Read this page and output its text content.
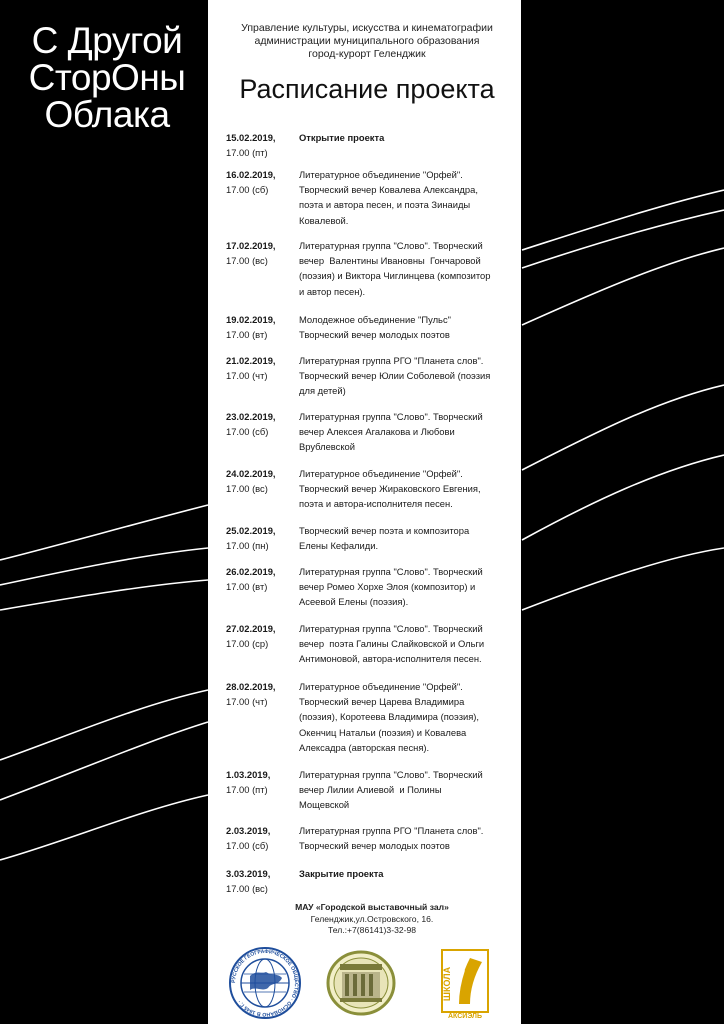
С Другой
СторОны
Облака
Управление культуры, искусства и кинематографии
администрации муниципального образования
город-курорт Геленджик
Расписание проекта
15.02.2019,
17.00 (пт)
Открытие проекта
16.02.2019,
17.00 (сб)
Литературное объединение "Орфей".
Творческий вечер Ковалева Александра,
поэта и автора песен, и поэта Зинаиды
Ковалевой.
17.02.2019,
17.00 (вс)
Литературная группа "Слово". Творческий
вечер  Валентины Ивановны  Гончаровой
(поэзия) и Виктора Чиглинцева (композитор
и автор песен).
19.02.2019,
17.00 (вт)
Молодежное объединение "Пульс"
Творческий вечер молодых поэтов
21.02.2019,
17.00 (чт)
Литературная группа РГО "Планета слов".
Творческий вечер Юлии Соболевой (поэзия
для детей)
23.02.2019,
17.00 (сб)
Литературная группа "Слово". Творческий
вечер Алексея Агалакова и Любови
Врублевской
24.02.2019,
17.00 (вс)
Литературное объединение "Орфей".
Творческий вечер Жираковского Евгения,
поэта и автора-исполнителя песен.
25.02.2019,
17.00 (пн)
Творческий вечер поэта и композитора
Елены Кефалиди.
26.02.2019,
17.00 (вт)
Литературная группа "Слово". Творческий
вечер Ромео Хорхе Элоя (композитор) и
Асеевой Елены (поэзия).
27.02.2019,
17.00 (ср)
Литературная группа "Слово". Творческий
вечер  поэта Галины Слайковской и Ольги
Антимоновой, автора-исполнителя песен.
28.02.2019,
17.00 (чт)
Литературное объединение "Орфей".
Творческий вечер Царева Владимира
(поэзия), Коротеева Владимира (поэзия),
Окенчиц Натальи (поэзия) и Ковалева
Алексадра (авторская песня).
1.03.2019,
17.00 (пт)
Литературная группа "Слово". Творческий
вечер Лилии Алиевой  и Полины
Мощевской
2.03.2019,
17.00 (сб)
Литературная группа РГО "Планета слов".
Творческий вечер молодых поэтов
3.03.2019,
17.00 (вс)
Закрытие проекта
МАУ «Городской выставочный зал»
Геленджик,ул.Островского, 16.
Тел.:+7(86141)3-32-98
РУССКОЕ ГЕОГРАФИЧЕСКОЕ ОБЩЕСТВО · ОСНОВАНО В 1845 Г. ·	ШКОЛА
АКСИЭЛЬ
